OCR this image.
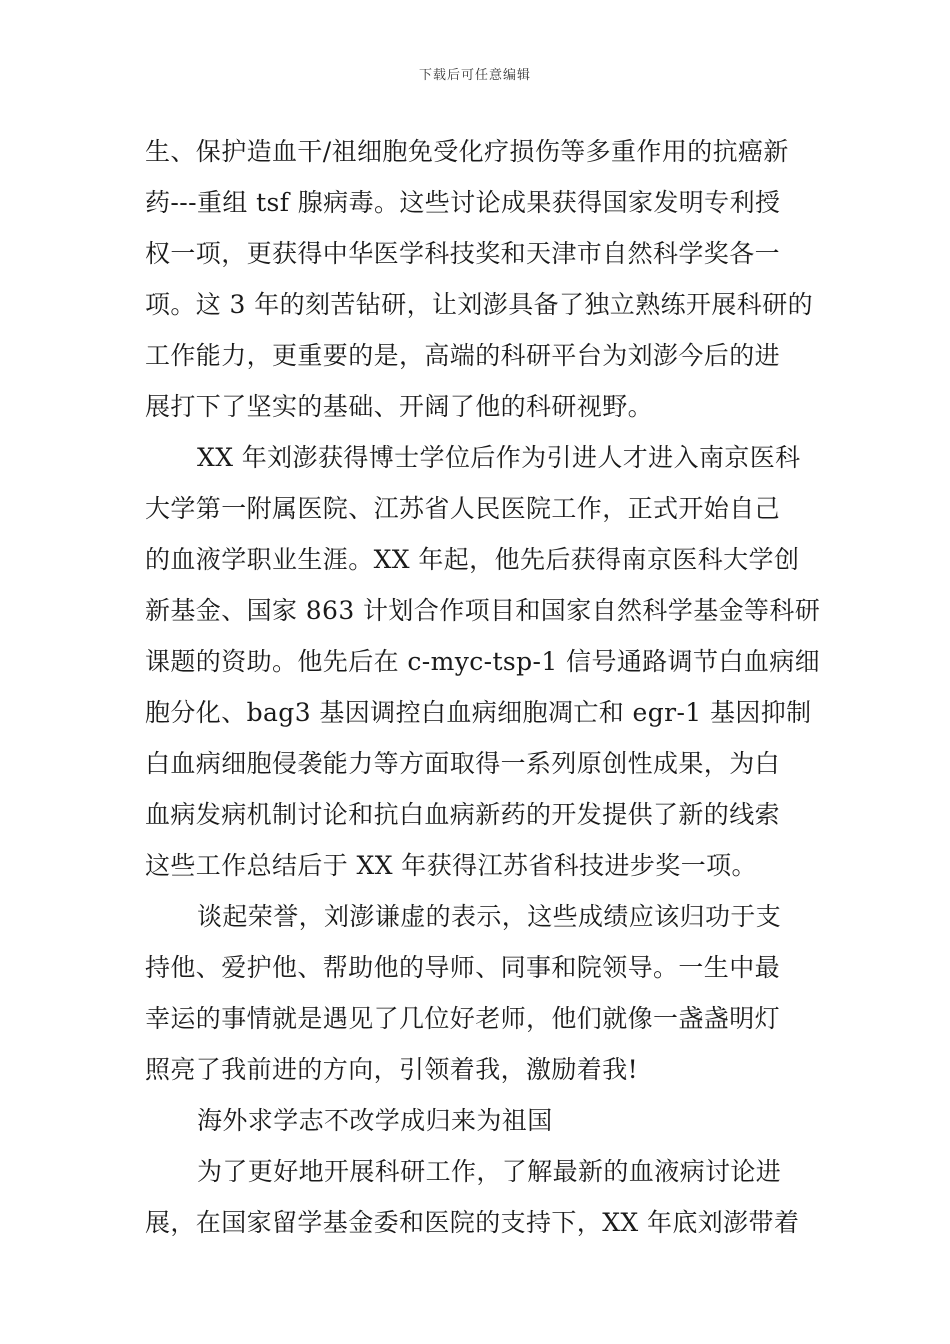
下载后可任意编辑
生、保护造血干/祖细胞免受化疗损伤等多重作用的抗癌新
药---重组 tsf 腺病毒。这些讨论成果获得国家发明专利授
权一项，更获得中华医学科技奖和天津市自然科学奖各一
项。这 3 年的刻苦钻研，让刘澎具备了独立熟练开展科研的
工作能力，更重要的是，高端的科研平台为刘澎今后的进
展打下了坚实的基础、开阔了他的科研视野。
XX 年刘澎获得博士学位后作为引进人才进入南京医科
大学第一附属医院、江苏省人民医院工作，正式开始自己
的血液学职业生涯。XX 年起，他先后获得南京医科大学创
新基金、国家 863 计划合作项目和国家自然科学基金等科研
课题的资助。他先后在 c-myc-tsp-1 信号通路调节白血病细
胞分化、bag3 基因调控白血病细胞凋亡和 egr-1 基因抑制
白血病细胞侵袭能力等方面取得一系列原创性成果，为白
血病发病机制讨论和抗白血病新药的开发提供了新的线索
这些工作总结后于 XX 年获得江苏省科技进步奖一项。
谈起荣誉，刘澎谦虚的表示，这些成绩应该归功于支
持他、爱护他、帮助他的导师、同事和院领导。一生中最
幸运的事情就是遇见了几位好老师，他们就像一盏盏明灯
照亮了我前进的方向，引领着我，激励着我!
海外求学志不改学成归来为祖国
为了更好地开展科研工作，了解最新的血液病讨论进
展，在国家留学基金委和医院的支持下，XX 年底刘澎带着
